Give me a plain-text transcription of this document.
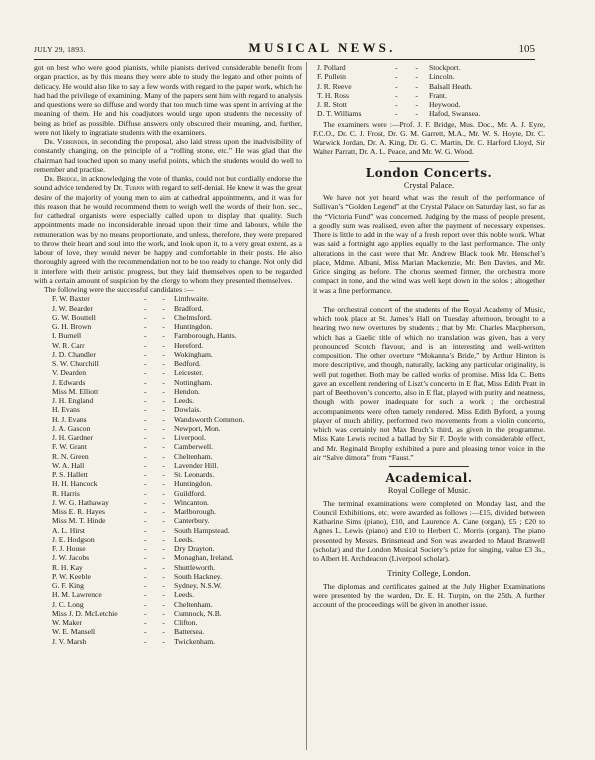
JULY 29, 1893.	MUSICAL NEWS.	105

got on best who were good pianists, while pianists derived considerable benefit from organ practice, as by this means they were able to study the legato and other points of delicacy. He would also like to say a few words with regard to the paper work, which he had had the privilege of examining. Many of the papers sent him with regard to analysis and questions were so diffuse and wordy that too much time was spent in arriving at the meaning of them. He and his coadjutors would urge upon students the necessity of being as brief as possible. Diffuse answers only obscured their meaning, and, further, were not likely to ingratiate students with the examiners.

Dr. Verrinder, in seconding the proposal, also laid stress upon the inadvisibility of constantly changing, on the principle of a “rolling stone, etc.” He was glad that the chairman had touched upon so many useful points, which the students would do well to remember and practise.

Dr. Bridge, in acknowledging the vote of thanks, could not but cordially endorse the sound advice tendered by Dr. Turpin with regard to self-denial. He knew it was the great desire of the majority of young men to aim at cathedral appointments, and it was for this reason that he would recommend them to weigh well the words of their hon. sec., for cathedral organists were especially called upon to display that quality. Such appointments made no inconsiderable inroad upon their time and labours, while the remuneration was by no means proportionate, and unless, therefore, they were prepared to throw their heart and soul into the work, and look upon it, to a very great extent, as a labour of love, they would never be happy and comfortable in their posts. He also thoroughly agreed with the recommendation not to be too ready to change. Not only did it interfere with their artistic progress, but they laid themselves open to be regarded with a certain amount of suspicion by the clergy to whom they presented themselves.

The following were the successful candidates :—

F. W. Baxter	- - Linthwaite.
J. W. Bearder	- - Bradford.
G. W. Bouttell	- - Chelmsford.
G. H. Brown	- - Huntingdon.
I. Burnell	- - Farnborough, Hants.
W. R. Carr	- - Hereford.
J. D. Chandler	- - Wokingham.
S. W. Churchill	- - Bedford.
V. Dearden	- - Leicester.
J. Edwards	- - Nottingham.
Miss M. Elliott	- - Hendon.
J. H. England	- - Leeds.
H. Evans	- - Dowlais.
H. J. Evans	- - Wandsworth Common.
J. A. Gascon	- - Newport, Mon.
J. H. Gardner	- - Liverpool.
F. W. Grant	- - Camberwell.
R. N. Green	- - Cheltenham.
W. A. Hall	- - Lavender Hill.
P. S. Hallett	- - St. Leonards.
H. H. Hancock	- - Huntingdon.
R. Harris	- - Guildford.
J. W. G. Hathaway	- - Wincanton.
Miss E. R. Hayes	- - Marlborough.
Miss M. T. Hinde	- - Canterbury.
A. L. Hirst	- - South Hampstead.
J. E. Hodgson	- - Leeds.
F. J. House	- - Dry Drayton.
J. W. Jacobs	- - Monaghan, Ireland.
R. H. Kay	- - Shuttleworth.
P. W. Keeble	- - South Hackney.
G. F. King	- - Sydney, N.S.W.
H. M. Lawrence	- - Leeds.
J. C. Long	- - Cheltenham.
Miss J. D. McLetchie	- - Cumnock, N.B.
W. Maker	- - Clifton.
W. E. Mansell	- - Battersea.
J. V. Marsh	- - Twickenham.
J. Pollard	- - Stockport.
F. Pullein	- - Lincoln.
J. R. Reeve	- - Balsall Heath.
T. H. Ross	- - Frant.
J. R. Stott	- - Heywood.
D. T. Williams	- - Hafod, Swansea.

The examiners were :—Prof. J. F. Bridge, Mus. Doc., Mr. A. J. Eyre, F.C.O., Dr. C. J. Frost, Dr. G. M. Garrett, M.A., Mr. W. S. Hoyte, Dr. C. Warwick Jordan, Dr. A. King, Dr. G. C. Martin, Dr. C. Harford Lloyd, Sir Walter Parratt, Dr. A. L. Peace, and Mr. W. G. Wood.

London Concerts.

Crystal Palace.

We have not yet heard what was the result of the performance of Sullivan’s “Golden Legend” at the Crystal Palace on Saturday last, so far as the “Victoria Fund” was concerned. Judging by the mass of people present, a goodly sum was realised, even after the payment of necessary expenses. There is little to add in the way of a fresh report over this noble work. What was said a fortnight ago applies equally to the last performance. The only alterations in the cast were that Mr. Andrew Black took Mr. Henschel’s place, Mdme. Albani, Miss Marian Mackenzie, Mr. Ben Davies, and Mr. Grice singing as before. The chorus seemed firmer, the orchestra more compact in tone, and the wind was well kept down in the solos ; altogether it was a fine performance.

The orchestral concert of the students of the Royal Academy of Music, which took place at St. James’s Hall on Tuesday afternoon, brought to a hearing two new overtures by students ; that by Mr. Charles Macpherson, which has a Gaelic title of which no translation was given, has a very pronounced Scotch flavour, and is an interesting and well-written composition. The other overture “Mokanna’s Bride,” by Arthur Hinton is more descriptive, and though, naturally, lacking any particular originality, is well put together. Both may be called works of promise. Miss Ida C. Betts gave an excellent rendering of Liszt’s concerto in E flat, Miss Edith Pratt in part of Beethoven’s concerto, also in E flat, played with purity and neatness, though with power inadequate for such a work ; the orchestral accompaniments were often tamely rendered. Miss Edith Byford, a young player of much ability, performed two movements from a violin concerto, which was certainly not Max Bruch’s third, as given in the programme. Miss Kate Lewis recited a ballad by Sir F. Doyle with considerable effect, and Mr. Reginald Brophy exhibited a pure and pleasing tenor voice in the air “Salve dimora” from “Faust.”

Academical.

Royal College of Music.

The terminal examinations were completed on Monday last, and the Council Exhibitions, etc. were awarded as follows :—£15, divided between Katharine Sims (piano), £10, and Laurence A. Cane (organ), £5 ; £20 to Agnes L. Lewis (piano) and £10 to Herbert C. Morris (organ). The piano presented by Messrs. Brinsmead and Son was awarded to Maud Branwell (scholar) and the London Musical Society’s prize for singing, value £3 3s., to Albert H. Archdeacon (Liverpool scholar).

Trinity College, London.

The diplomas and certificates gained at the July Higher Examinations were presented by the warden, Dr. E. H. Turpin, on the 25th. A further account of the proceedings will be given in another issue.
